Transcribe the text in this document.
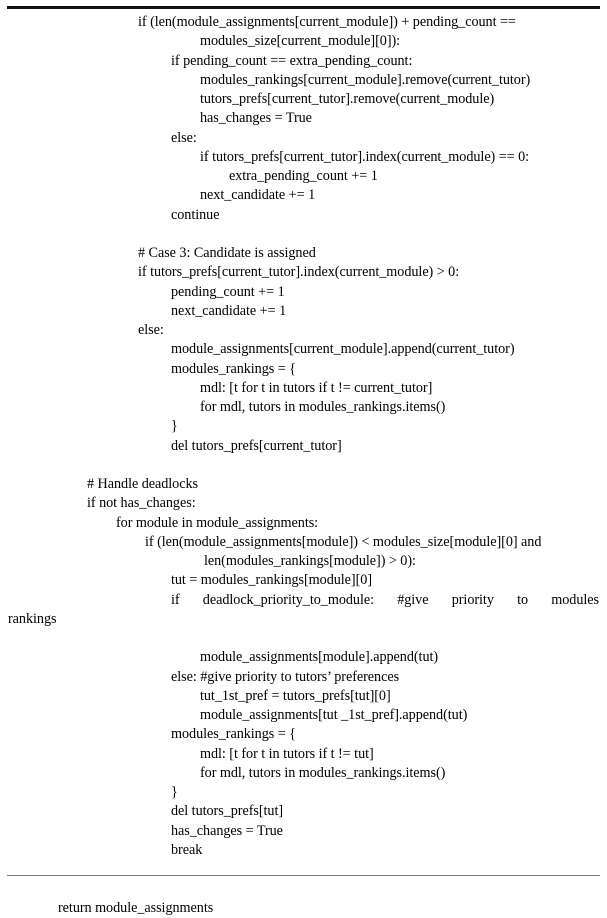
if (len(module_assignments[current_module]) + pending_count ==
modules_size[current_module][0]):
if pending_count == extra_pending_count:
modules_rankings[current_module].remove(current_tutor)
tutors_prefs[current_tutor].remove(current_module)
has_changes = True
else:
if tutors_prefs[current_tutor].index(current_module) == 0:
extra_pending_count += 1
next_candidate += 1
continue

# Case 3: Candidate is assigned
if tutors_prefs[current_tutor].index(current_module) > 0:
pending_count += 1
next_candidate += 1
else:
module_assignments[current_module].append(current_tutor)
modules_rankings = {
mdl: [t for t in tutors if t != current_tutor]
for mdl, tutors in modules_rankings.items()
}
del tutors_prefs[current_tutor]

# Handle deadlocks
if not has_changes:
for module in module_assignments:
if (len(module_assignments[module]) < modules_size[module][0] and
len(modules_rankings[module]) > 0):
tut = modules_rankings[module][0]
if deadlock_priority_to_module: #give priority to modules
rankings

module_assignments[module].append(tut)
else: #give priority to tutors’ preferences
tut_1st_pref = tutors_prefs[tut][0]
module_assignments[tut _1st_pref].append(tut)
modules_rankings = {
mdl: [t for t in tutors if t != tut]
for mdl, tutors in modules_rankings.items()
}
del tutors_prefs[tut]
has_changes = True
break

return module_assignments
